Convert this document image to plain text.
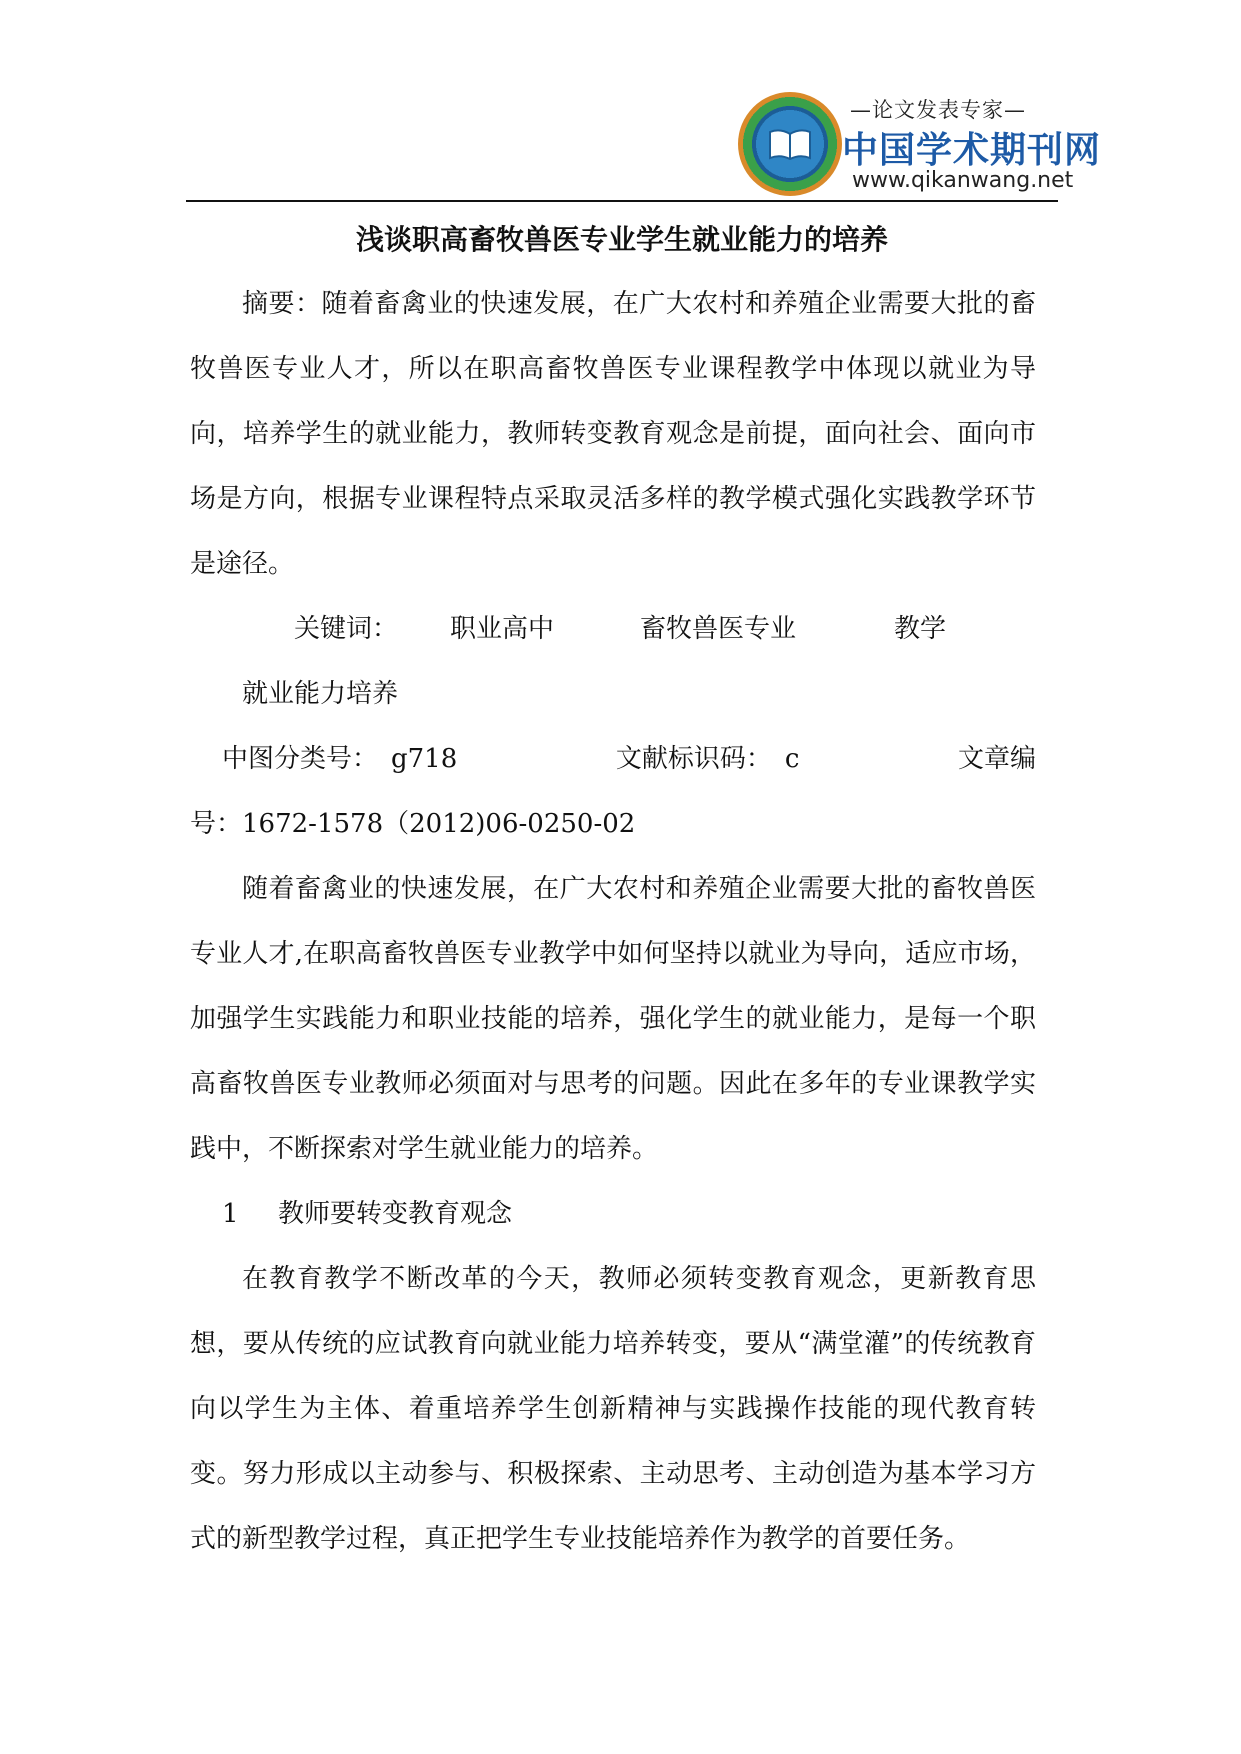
—论文发表专家—
中国学术期刊网
www.qikanwang.net
浅谈职高畜牧兽医专业学生就业能力的培养

摘要：随着畜禽业的快速发展，在广大农村和养殖企业需要大批的畜牧兽医专业人才，所以在职高畜牧兽医专业课程教学中体现以就业为导向，培养学生的就业能力，教师转变教育观念是前提，面向社会、面向市场是方向，根据专业课程特点采取灵活多样的教学模式强化实践教学环节是途径。

关键词： 职业高中	畜牧兽医专业	教学就业能力培养

中图分类号：　g718	文献标识码：　c	文章编

号：1672-1578（2012)06-0250-02

随着畜禽业的快速发展，在广大农村和养殖企业需要大批的畜牧兽医专业人才,在职高畜牧兽医专业教学中如何坚持以就业为导向，适应市场，加强学生实践能力和职业技能的培养，强化学生的就业能力，是每一个职高畜牧兽医专业教师必须面对与思考的问题。因此在多年的专业课教学实践中，不断探索对学生就业能力的培养。

1 教师要转变教育观念

在教育教学不断改革的今天，教师必须转变教育观念，更新教育思想，要从传统的应试教育向就业能力培养转变，要从“满堂灌”的传统教育向以学生为主体、着重培养学生创新精神与实践操作技能的现代教育转变。努力形成以主动参与、积极探索、主动思考、主动创造为基本学习方式的新型教学过程，真正把学生专业技能培养作为教学的首要任务。
